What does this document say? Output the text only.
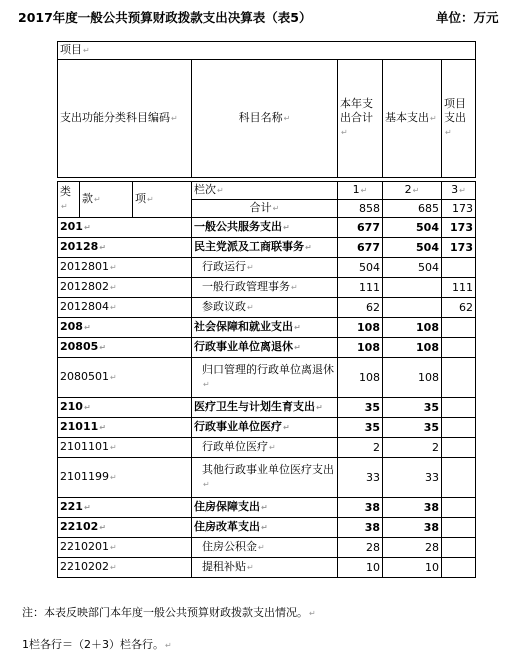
2017年度一般公共预算财政拨款支出决算表（表5）	单位：万元
项目↵
支出功能分类科目编码↵	科目名称↵	本年支出合计↵	基本支出↵	项目支出↵
类↵	款↵	项↵	栏次↵	1↵	2↵	3↵
			合计↵	858	685	173
201↵			一般公共服务支出↵	677	504	173
20128↵			民主党派及工商联事务↵	677	504	173
2012801↵			行政运行↵	504	504	
2012802↵			一般行政管理事务↵	111		111
2012804↵			参政议政↵	62		62
208↵			社会保障和就业支出↵	108	108	
20805↵			行政事业单位离退休↵	108	108	
2080501↵			归口管理的行政单位离退休↵	108	108	
210↵			医疗卫生与计划生育支出↵	35	35	
21011↵			行政事业单位医疗↵	35	35	
2101101↵			行政单位医疗↵	2	2	
2101199↵			其他行政事业单位医疗支出↵	33	33	
221↵			住房保障支出↵	38	38	
22102↵			住房改革支出↵	38	38	
2210201↵			住房公积金↵	28	28	
2210202↵			提租补贴↵	10	10	
注：本表反映部门本年度一般公共预算财政拨款支出情况。↵
1栏各行＝（2＋3）栏各行。↵
